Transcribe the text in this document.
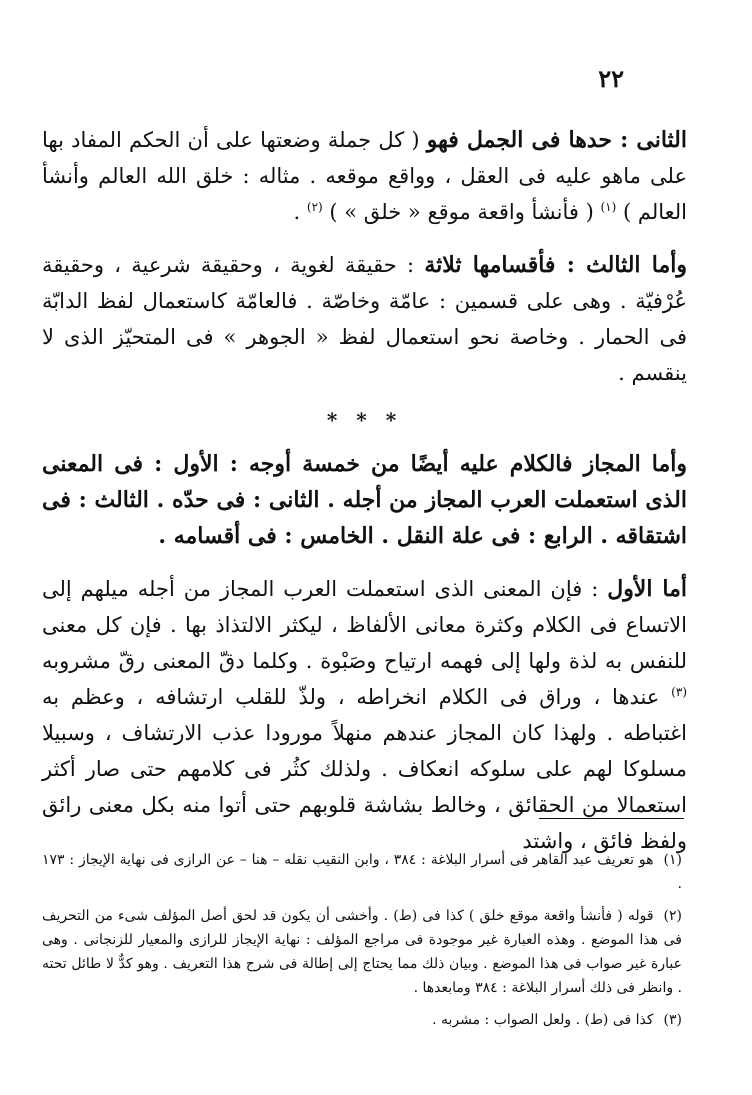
٢٢

الثانى : حدها فى الجمل فهو ( كل جملة وضعتها على أن الحكم المفاد بها على ماهو عليه فى العقل ، وواقع موقعه . مثاله : خلق الله العالم وأنشأ العالم ) $^{(١)}$ ( فأنشأ واقعة موقع « خلق » ) $^{(٢)}$ .

وأما الثالث : فأقسامها ثلاثة : حقيقة لغوية ، وحقيقة شرعية ، وحقيقة عُرْفيّة . وهى على قسمين : عامّة وخاصّة . فالعامّة كاستعمال لفظ الدابّة فى الحمار . وخاصة نحو استعمال لفظ « الجوهر » فى المتحيّز الذى لا ينقسم .

* * *

وأما المجاز فالكلام عليه أيضًا من خمسة أوجه : الأول : فى المعنى الذى استعملت العرب المجاز من أجله . الثانى : فى حدّه . الثالث : فى اشتقاقه . الرابع : فى علة النقل . الخامس : فى أقسامه .

أما الأول : فإن المعنى الذى استعملت العرب المجاز من أجله ميلهم إلى الاتساع فى الكلام وكثرة معانى الألفاظ ، ليكثر الالتذاذ بها . فإن كل معنى للنفس به لذة ولها إلى فهمه ارتياح وصَبْوة . وكلما دقّ المعنى رقّ مشروبه $^{(٣)}$ عندها ، وراق فى الكلام انخراطه ، ولذّ للقلب ارتشافه ، وعظم به اغتباطه . ولهذا كان المجاز عندهم منهلاً مورودا عذب الارتشاف ، وسبيلا مسلوكا لهم على سلوكه انعكاف . ولذلك كثُر فى كلامهم حتى صار أكثر استعمالا من الحقائق ، وخالط بشاشة قلوبهم حتى أتوا منه بكل معنى رائق ولفظ فائق ، واشتد

(١)هو تعريف عبد القاهر فى أسرار البلاغة : ٣٨٤ ، وابن النقيب نقله – هنا – عن الرازى فى نهاية الإيجاز : ١٧٣ .

(٢)قوله ( فأنشأ واقعة موقع خلق ) كذا فى (ط) . وأخشى أن يكون قد لحق أصل المؤلف شىء من التحريف فى هذا الموضع . وهذه العبارة غير موجودة فى مراجع المؤلف : نهاية الإيجاز للرازى والمعيار للزنجانى . وهى عبارة غير صواب فى هذا الموضع . وبيان ذلك مما يحتاج إلى إطالة فى شرح هذا التعريف . وهو كدٌّ لا طائل تحته . وانظر فى ذلك أسرار البلاغة : ٣٨٤ ومابعدها .

(٣)كذا فى (ط) . ولعل الصواب : مشربه .
